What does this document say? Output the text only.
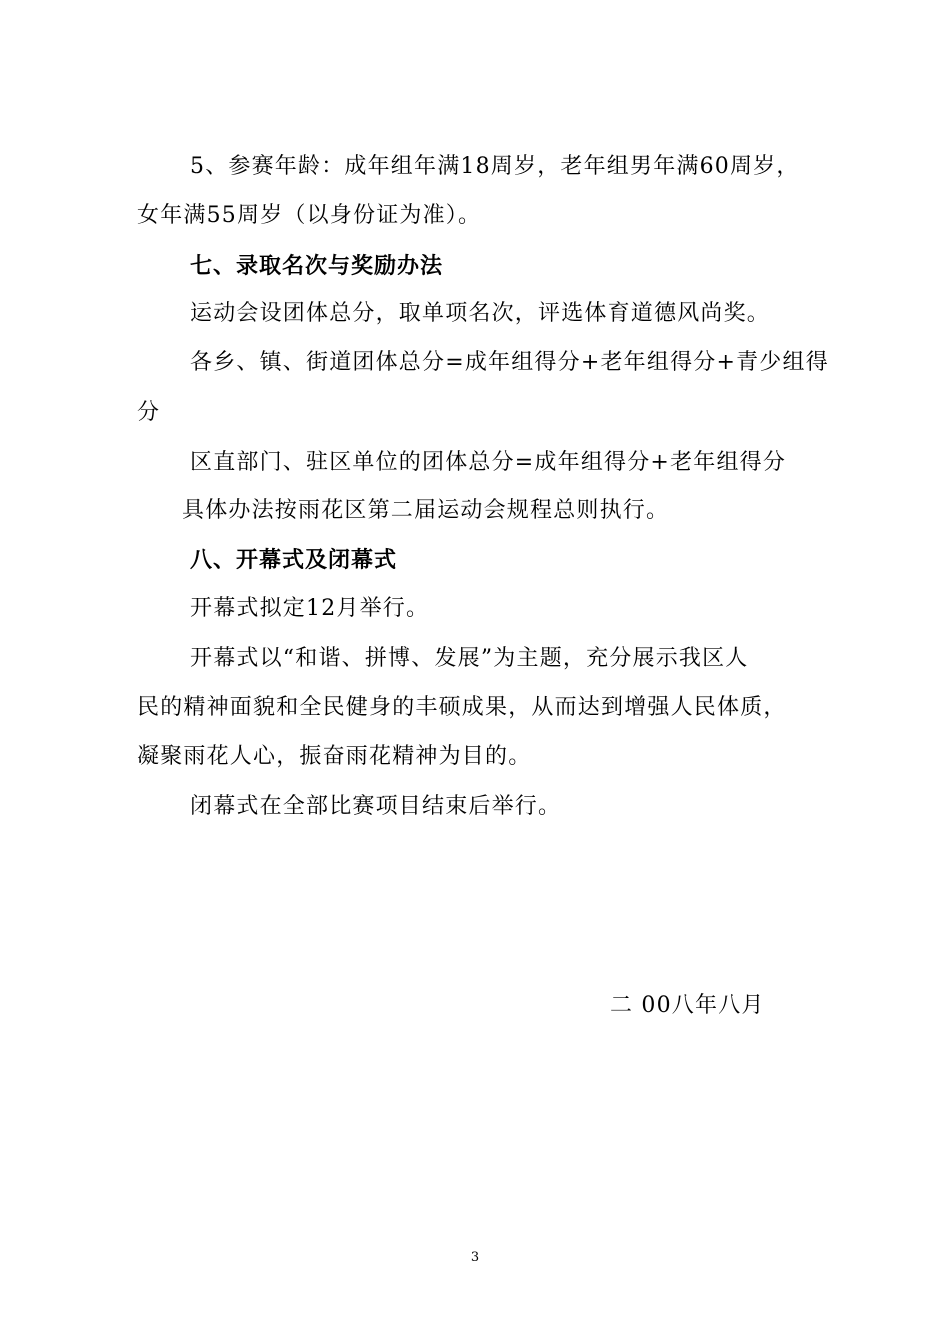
5、参赛年龄：成年组年满18周岁，老年组男年满60周岁，
女年满55周岁（以身份证为准）。
七、录取名次与奖励办法
运动会设团体总分，取单项名次，评选体育道德风尚奖。
各乡、镇、街道团体总分=成年组得分+老年组得分+青少组得
分
区直部门、驻区单位的团体总分=成年组得分+老年组得分
具体办法按雨花区第二届运动会规程总则执行。
八、开幕式及闭幕式
开幕式拟定12月举行。
开幕式以“和谐、拼博、发展”为主题，充分展示我区人
民的精神面貌和全民健身的丰硕成果，从而达到增强人民体质，
凝聚雨花人心，振奋雨花精神为目的。
闭幕式在全部比赛项目结束后举行。
二 00八年八月
3
